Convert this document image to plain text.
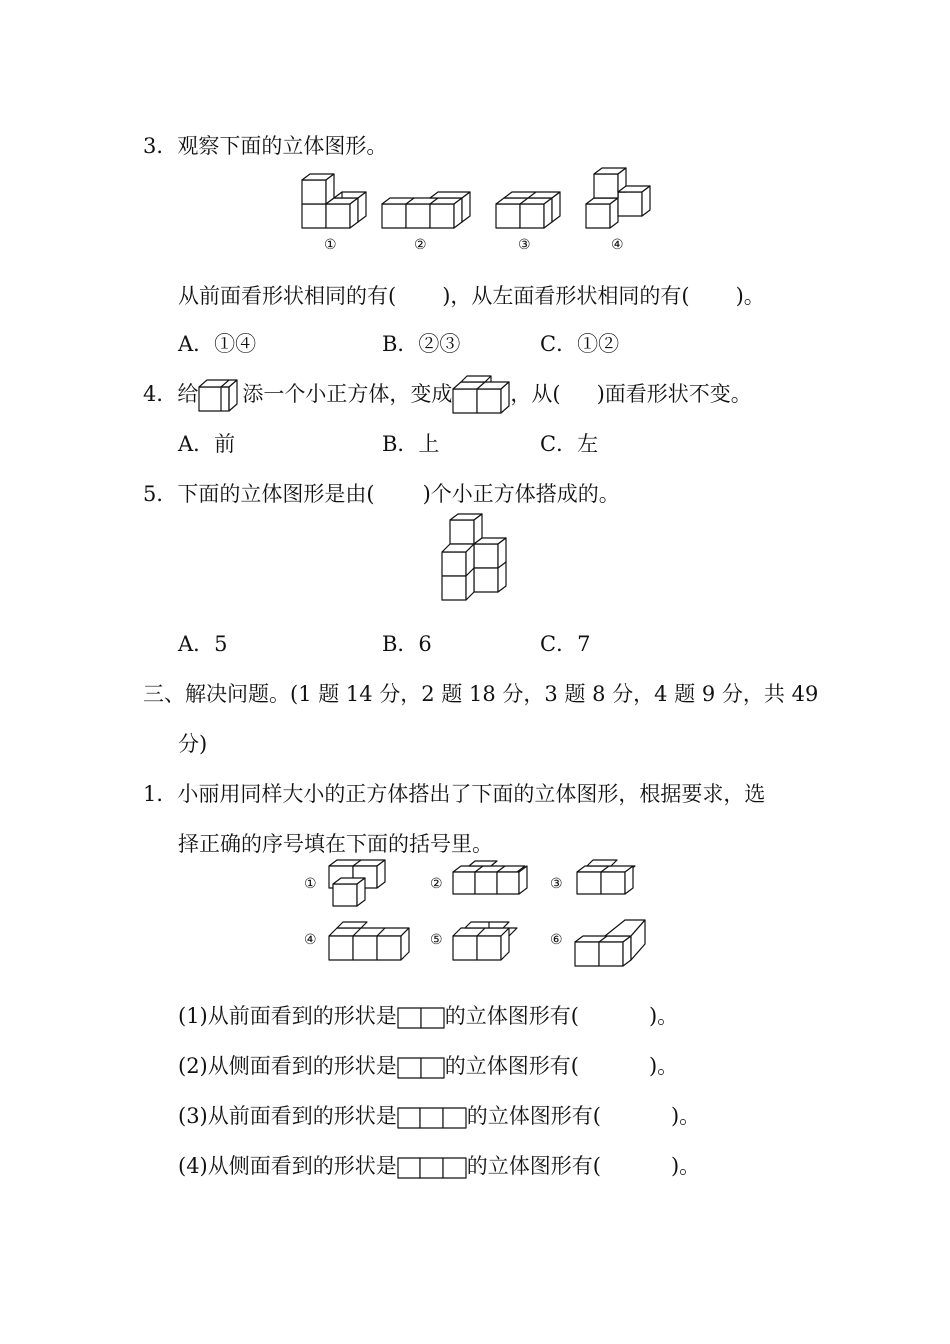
3．观察下面的立体图形。
①	②	③	④
从前面看形状相同的有( )，从左面看形状相同的有( )。
A．①④	B．②③	C．①②
4．给 添一个小正方体，变成	，从( )面看形状不变。
A．前	B．上	C．左
5．下面的立体图形是由( )个小正方体搭成的。
A．5	B．6	C．7
三、解决问题。(1 题 14 分，2 题 18 分，3 题 8 分，4 题 9 分，共 49
分)
1．小丽用同样大小的正方体搭出了下面的立体图形，根据要求，选
择正确的序号填在下面的括号里。
①	②	③
④	⑤	⑥
(1)从前面看到的形状是 的立体图形有(	)。
(2)从侧面看到的形状是 的立体图形有(	)。
(3)从前面看到的形状是	的立体图形有(	)。
(4)从侧面看到的形状是	的立体图形有(	)。
